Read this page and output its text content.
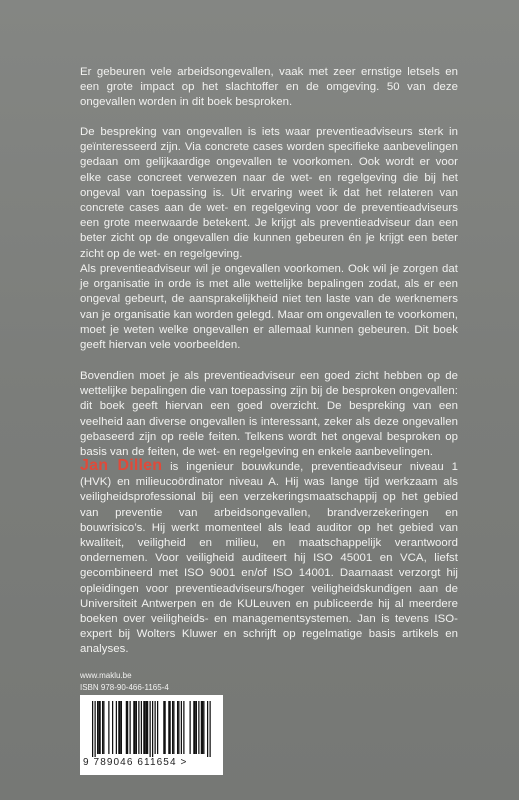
Er gebeuren vele arbeidsongevallen, vaak met zeer ernstige letsels en een grote impact op het slachtoffer en de omgeving. 50 van deze ongevallen worden in dit boek besproken.

De bespreking van ongevallen is iets waar preventieadviseurs sterk in geïnteresseerd zijn. Via concrete cases worden specifieke aanbevelingen gedaan om gelijkaardige ongevallen te voorkomen. Ook wordt er voor elke case concreet verwezen naar de wet- en regelgeving die bij het ongeval van toepassing is. Uit ervaring weet ik dat het relateren van concrete cases aan de wet- en regelgeving voor de preventieadviseurs een grote meerwaarde betekent. Je krijgt als preventieadviseur dan een beter zicht op de ongevallen die kunnen gebeuren én je krijgt een beter zicht op de wet- en regelgeving.

Als preventieadviseur wil je ongevallen voorkomen. Ook wil je zorgen dat je organisatie in orde is met alle wettelijke bepalingen zodat, als er een ongeval gebeurt, de aansprakelijkheid niet ten laste van de werknemers van je organisatie kan worden gelegd. Maar om ongevallen te voorkomen, moet je weten welke ongevallen er allemaal kunnen gebeuren. Dit boek geeft hiervan vele voorbeelden.

Bovendien moet je als preventieadviseur een goed zicht hebben op de wettelijke bepalingen die van toepassing zijn bij de besproken ongevallen: dit boek geeft hiervan een goed overzicht. De bespreking van een veelheid aan diverse ongevallen is interessant, zeker als deze ongevallen gebaseerd zijn op reële feiten. Telkens wordt het ongeval besproken op basis van de feiten, de wet- en regelgeving en enkele aanbevelingen.

Jan Dillen is ingenieur bouwkunde, preventieadviseur niveau 1 (HVK) en milieucoördinator niveau A. Hij was lange tijd werkzaam als veiligheidsprofessional bij een verzekeringsmaatschappij op het gebied van preventie van arbeidsongevallen, brandverzekeringen en bouwrisico’s. Hij werkt momenteel als lead auditor op het gebied van kwaliteit, veiligheid en milieu, en maatschappelijk verantwoord ondernemen. Voor veiligheid auditeert hij ISO 45001 en VCA, liefst gecombineerd met ISO 9001 en/of ISO 14001. Daarnaast verzorgt hij opleidingen voor preventieadviseurs/hoger veiligheidskundigen aan de Universiteit Antwerpen en de KULeuven en publiceerde hij al meerdere boeken over veiligheids- en managementsystemen. Jan is tevens ISO-expert bij Wolters Kluwer en schrijft op regelmatige basis artikels en analyses.

www.maklu.be
ISBN 978-90-466-1165-4
9 789046 611654 >
